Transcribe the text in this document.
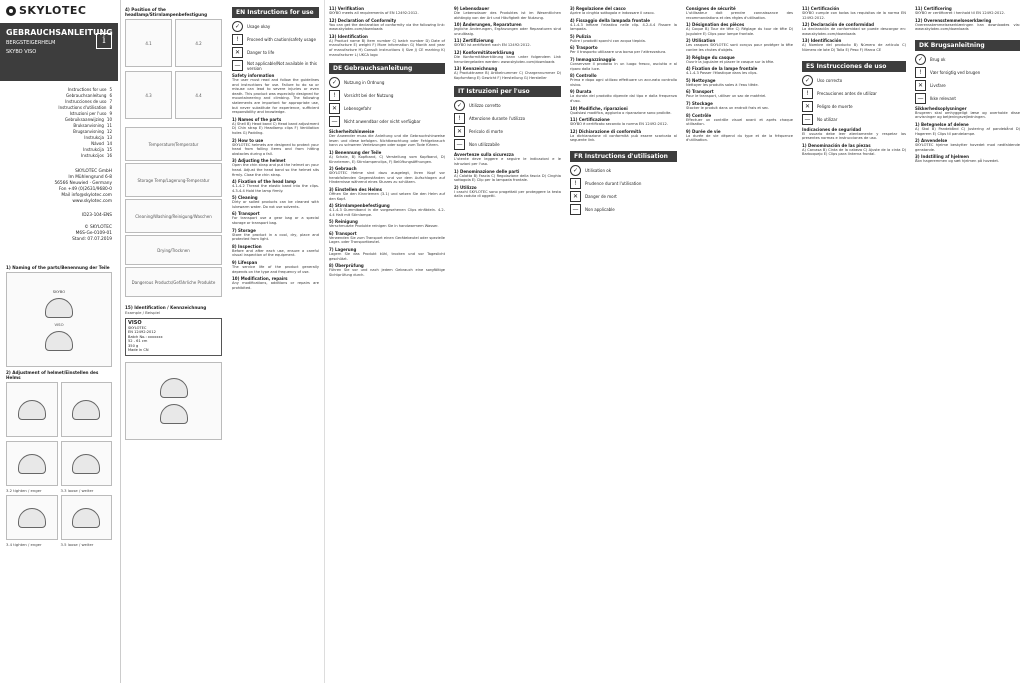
SKYLOTEC
GEBRAUCHSANLEITUNG
BERGSTEIGERHELM
SKYBO VISO
i
Instructions for use 5
Gebrauchsanleitung 6
Instrucciones de uso 7
Instructions d'utilisation 8
Istruzioni per l'uso 9
Gebruiksaanwijzing 10
Bruksanvisning 11
Brugsanvisning 12
Instrukcja 13
Návod 14
Instrukcija 15
Instrukcijos 16
SKYLOTEC GmbH
Im Mühlengrund 6-8
56566 Neuwied · Germany
Fon +49 (0)2631/9680-0
Mail info@skylotec.com
www.skylotec.com
ID23-104-ENS
© SKYLOTEC
M6S-Ge-0109-01
Stand: 07.07.2019
1) Naming of the parts/Benennung der Teile
SKYBO
VISO
2) Adjustment of helmet/Einstellen des Helms
3.2 tighten / enger	3.3 loose / weiter
3.4 tighten / enger	3.5 loose / weiter
4) Position of the headlamp/Stirnlampenbefestigung
4.1	4.2
4.3	4.4
Temperature/Temperatur
Storage Temp/Lagerung-Temperatur
Cleaning/Washing/Reinigung/Waschen
Drying/Trocknen
Dangerous Products/Gefährliche Produkte
15) Identification / Kennzeichnung
Example / Beispiel
VISO
SKYLOTEC
EN 12492:2012
Batch No.: xxxxxxx
52 - 61 cm
350 g
Made in CN
EN Instructions for use
✓	Usage okay
!	Proceed with caution/safety usage
✕	Danger to life
—	Not applicable/Not available in this version
Safety information
The user must read and follow the guidelines and instructions for use. Failure to do so or misuse can lead to severe injuries or even death. This product was especially designed for mountaineering and climbing. The following statements are important for appropriate use, but never substitute for experience, sufficient responsibility and knowledge.
1) Names of the parts
A) Shell B) Head band C) Head band adjustment D) Chin strap E) Headlamp clips F) Ventilation holes G) Padding.
2) How to use
SKYLOTEC helmets are designed to protect your head from falling items and from hitting obstacles during a fall.
3) Adjusting the helmet
Open the chin strap and put the helmet on your head. Adjust the head band so the helmet sits firmly. Close the chin strap.
4) Fixation of the head lamp
4.1-4.2 Thread the elastic band into the clips. 4.3-4.4 Hold the lamp firmly.
5) Cleaning
Dirty or soiled products can be cleaned with lukewarm water. Do not use solvents.
6) Transport
For transport use a gear bag or a special storage or transport bag.
7) Storage
Store the product in a cool, dry, place and protected from light.
8) Inspection
Before and after each use, ensure a careful visual inspection of the equipment.
9) Lifespan
The service life of the product generally depends on the type and frequency of use.
10) Modification, repairs
Any modifications, additions or repairs are prohibited.
11) Verifikation
SKYBO meets all requirements of EN 12492:2012.
12) Declaration of Conformity
You can get the declaration of conformity via the following link: www.skylotec.com/downloads
13) Identification
A) Product name B) Item number C) batch number D) Date of manufacture E) weight F) More information G) Month and year of manufacture H) Consult instructions I) Size J) CE marking K) manufacturer L) UKCA logo
DE Gebrauchsanleitung
✓	Nutzung in Ordnung
!	Vorsicht bei der Nutzung
✕	Lebensgefahr
—	Nicht anwendbar oder nicht verfügbar
Sicherheitshinweise
Der Anwender muss die Anleitung und die Gebrauchshinweise lesen und diese befolgen. Nichtbeachtung oder Fehlgebrauch kann zu schweren Verletzungen oder sogar zum Tode führen.
1) Benennung der Teile
A) Schale, B) Kopfband, C) Verstellung vom Kopfband, D) Kinnriemen, E) Stirnlampenclips, F) Belüftungsöffnungen.
2) Gebrauch
SKYLOTEC Helme sind dazu ausgelegt, Ihren Kopf vor herabfallenden Gegenständen und vor dem Aufschlagen auf Hindernisse während eines Sturzes zu schützen.
3) Einstellen des Helms
Öffnen Sie den Kinnriemen (3.1) und setzen Sie den Helm auf den Kopf.
4) Stirnlampenbefestigung
4.1-4.3 Gummiband in die vorgesehenen Clips einfädeln. 4.2-4.4 Halt mit Stirnlampe.
5) Reinigung
Verschmutzte Produkte reinigen Sie in handwarmem Wasser.
6) Transport
Verwenden Sie zum Transport einen Gerätebeutel oder spezielle Lager- oder Transportbeutel.
7) Lagerung
Lagern Sie das Produkt kühl, trocken und vor Tageslicht geschützt.
8) Überprüfung
Führen Sie vor und nach jedem Gebrauch eine sorgfältige Sichtprüfung durch.
9) Lebensdauer
Die Lebensdauer des Produktes ist im Wesentlichen abhängig von der Art und Häufigkeit der Nutzung.
10) Änderungen, Reparaturen
Jegliche Änderungen, Ergänzungen oder Reparaturen sind unzulässig.
11) Zertifizierung
SKYBO ist zertifiziert nach EN 12492:2012.
12) Konformitätserklärung
Die Konformitätserklärung kann unter folgendem Link heruntergeladen werden: www.skylotec.com/downloads
13) Kennzeichnung
A) Produktname B) Artikelnummer C) Chargennummer D) Kopfumfang E) Gewicht F) Herstellung G) Hersteller
IT Istruzioni per l'uso
✓	Utilizzo corretto
!	Attenzione durante l'utilizzo
✕	Pericolo di morte
—	Non utilizzabile
Avvertenze sulla sicurezza
L'utente deve leggere e seguire le indicazioni e le istruzioni per l'uso.
1) Denominazione delle parti
A) Calotta B) Fascia C) Regolazione della fascia D) Cinghia sottogola E) Clip per la lampada frontale.
2) Utilizzo
I caschi SKYLOTEC sono progettati per proteggere la testa dalla caduta di oggetti.
3) Regolazione del casco
Aprire la cinghia sottogola e indossare il casco.
4) Fissaggio della lampada frontale
4.1-4.3 Infilare l'elastico nelle clip. 4.2-4.4 Fissare la lampada.
5) Pulizia
Pulire i prodotti sporchi con acqua tiepida.
6) Trasporto
Per il trasporto utilizzare una borsa per l'attrezzatura.
7) Immagazzinaggio
Conservare il prodotto in un luogo fresco, asciutto e al riparo dalla luce.
8) Controllo
Prima e dopo ogni utilizzo effettuare un accurato controllo visivo.
9) Durata
La durata del prodotto dipende dal tipo e dalla frequenza d'uso.
10) Modifiche, riparazioni
Qualsiasi modifica, aggiunta o riparazione sono proibite.
11) Certificazione
SKYBO è certificato secondo la norma EN 12492:2012.
12) Dichiarazione di conformità
La dichiarazione di conformità può essere scaricata al seguente link.
FR Instructions d'utilisation
✓	Utilisation ok
!	Prudence durant l'utilisation
✕	Danger de mort
—	Non applicable
Consignes de sécurité
L'utilisateur doit prendre connaissance des recommandations et des règles d'utilisation.
1) Désignation des pièces
A) Coque B) Tour de tête C) Réglage du tour de tête D) Jugulaire E) Clips pour lampe frontale.
2) Utilisation
Les casques SKYLOTEC sont conçus pour protéger la tête contre les chutes d'objets.
3) Réglage du casque
Ouvrir la jugulaire et placer le casque sur la tête.
4) Fixation de la lampe frontale
4.1-4.3 Passer l'élastique dans les clips.
5) Nettoyage
Nettoyer les produits sales à l'eau tiède.
6) Transport
Pour le transport, utiliser un sac de matériel.
7) Stockage
Stocker le produit dans un endroit frais et sec.
8) Contrôle
Effectuer un contrôle visuel avant et après chaque utilisation.
9) Durée de vie
La durée de vie dépend du type et de la fréquence d'utilisation.
11) Certificación
SKYBO cumple con todos los requisitos de la norma EN 12492:2012.
12) Declaración de conformidad
La declaración de conformidad se puede descargar en: www.skylotec.com/downloads
13) Identificación
A) Nombre del producto B) Número de artículo C) Número de lote D) Talla E) Peso F) Marca CE
ES Instrucciones de uso
✓	Uso correcto
!	Precauciones antes de utilizar
✕	Peligro de muerte
—	No utilizar
Indicaciones de seguridad
El usuario debe leer atentamente y respetar las presentes normas e instrucciones de uso.
1) Denominación de las piezas
A) Carcasa B) Cinta de la cabeza C) Ajuste de la cinta D) Barboquejo E) Clips para linterna frontal.
11) Certificering
SKYBO er certificeret i henhold til EN 12492:2012.
12) Overensstemmelseserklæring
Overensstemmelseserklæringen kan downloades via: www.skylotec.com/downloads
DK Brugsanleitning
✓	Brug ok
!	Vær forsigtig ved brugen
✕	Livsfare
—	Ikke relevant
Sikkerhedsoplysninger
Brugeren skal omhyggeligt læse og overholde disse anvisninger og betjeningsvejledningen.
1) Betegnelse af delene
A) Skal B) Pandebånd C) Justering af pandebånd D) Hagerem E) Clips til pandelampe.
2) Anvendelse
SKYLOTEC hjelme beskytter hovedet mod nedfaldende genstande.
3) Indstilling af hjelmen
Åbn hageremmen og sæt hjelmen på hovedet.
